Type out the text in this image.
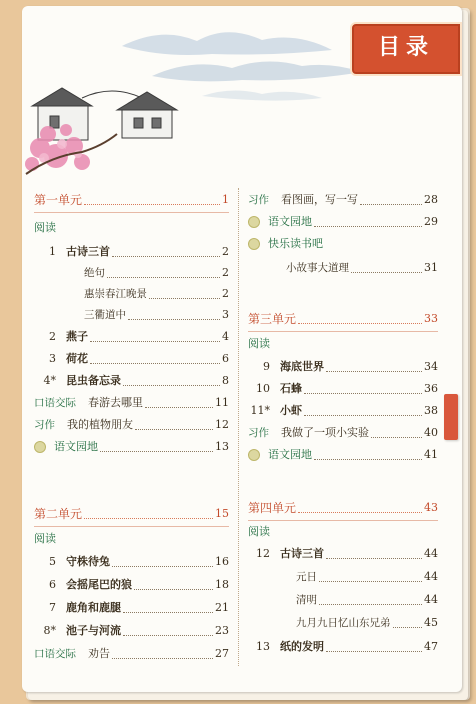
目录
第一单元	1
阅读
1 古诗三首	2
绝句	2
惠崇春江晚景	2
三衢道中	3
2 燕子	4
3 荷花	6
4* 昆虫备忘录	8
口语交际 春游去哪里	11
习作 我的植物朋友	12
语文园地	13
第二单元	15
阅读
5 守株待兔	16
6 会摇尾巴的狼	18
7 鹿角和鹿腿	21
8* 池子与河流	23
口语交际 劝告	27
习作 看图画，写一写	28
语文园地	29
快乐读书吧
小故事大道理	31
第三单元	33
阅读
9 海底世界	34
10 石蜂	36
11* 小虾	38
习作 我做了一项小实验	40
语文园地	41
第四单元	43
阅读
12 古诗三首	44
元日	44
清明	44
九月九日忆山东兄弟	45
13 纸的发明	47
